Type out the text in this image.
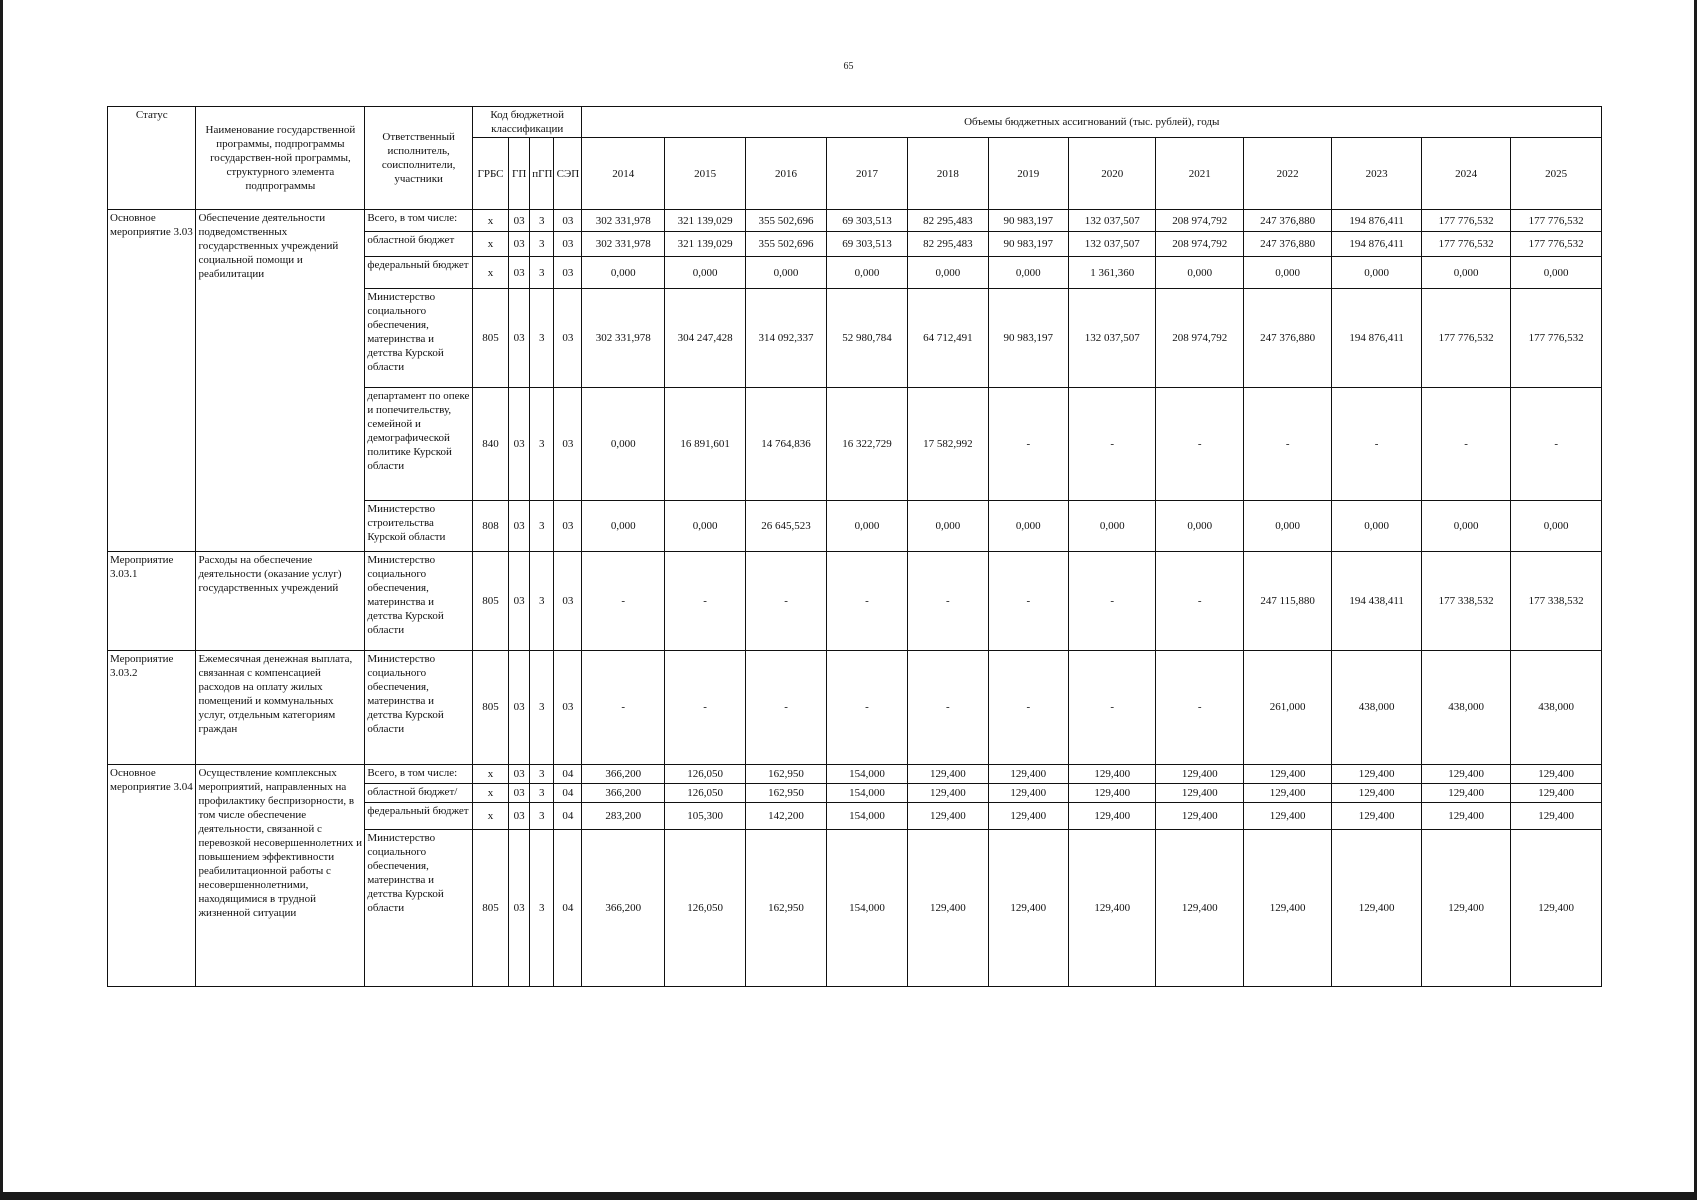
65
Статус	Наименование государственной программы, подпрограммы государствен-ной программы, структурного элемента подпрограммы	Ответственный исполнитель, соисполнители, участники	Код бюджетной классификации				Объемы бюджетных ассигнований (тыс. рублей), годы											
			ГРБС	ГП	пГП	СЭП	2014	2015	2016	2017	2018	2019	2020	2021	2022	2023	2024	2025
Основное мероприятие 3.03	Обеспечение деятельности подведомственных государственных учреждений социальной помощи и реабилитации	Всего, в том числе:	x	03	3	03	302 331,978	321 139,029	355 502,696	69 303,513	82 295,483	90 983,197	132 037,507	208 974,792	247 376,880	194 876,411	177 776,532	177 776,532
		областной бюджет	x	03	3	03	302 331,978	321 139,029	355 502,696	69 303,513	82 295,483	90 983,197	132 037,507	208 974,792	247 376,880	194 876,411	177 776,532	177 776,532
		федеральный бюджет	x	03	3	03	0,000	0,000	0,000	0,000	0,000	0,000	1 361,360	0,000	0,000	0,000	0,000	0,000
		Министерство социального обеспечения, материнства и детства Курской области	805	03	3	03	302 331,978	304 247,428	314 092,337	52 980,784	64 712,491	90 983,197	132 037,507	208 974,792	247 376,880	194 876,411	177 776,532	177 776,532
		департамент по опеке и попечительству, семейной и демографической политике Курской области	840	03	3	03	0,000	16 891,601	14 764,836	16 322,729	17 582,992	-	-	-	-	-	-	-
		Министерство строительства Курской области	808	03	3	03	0,000	0,000	26 645,523	0,000	0,000	0,000	0,000	0,000	0,000	0,000	0,000	0,000
Мероприятие 3.03.1	Расходы на обеспечение деятельности (оказание услуг) государственных учреждений	Министерство социального обеспечения, материнства и детства Курской области	805	03	3	03	-	-	-	-	-	-	-	-	247 115,880	194 438,411	177 338,532	177 338,532
Мероприятие 3.03.2	Ежемесячная денежная выплата, связанная с компенсацией расходов на оплату жилых помещений и коммунальных услуг, отдельным категориям граждан	Министерство социального обеспечения, материнства и детства Курской области	805	03	3	03	-	-	-	-	-	-	-	-	261,000	438,000	438,000	438,000
Основное мероприятие 3.04	Осуществление комплексных мероприятий, направленных на профилактику беспризорности, в том числе обеспечение деятельности, связанной с перевозкой несовершеннолетних и повышением эффективности реабилитационной работы с несовершеннолетними, находящимися в трудной жизненной ситуации	Всего, в том числе:	x	03	3	04	366,200	126,050	162,950	154,000	129,400	129,400	129,400	129,400	129,400	129,400	129,400	129,400
		областной бюджет/	x	03	3	04	366,200	126,050	162,950	154,000	129,400	129,400	129,400	129,400	129,400	129,400	129,400	129,400
		федеральный бюджет	x	03	3	04	283,200	105,300	142,200	154,000	129,400	129,400	129,400	129,400	129,400	129,400	129,400	129,400
		Министерство социального обеспечения, материнства и детства Курской области	805	03	3	04	366,200	126,050	162,950	154,000	129,400	129,400	129,400	129,400	129,400	129,400	129,400	129,400
